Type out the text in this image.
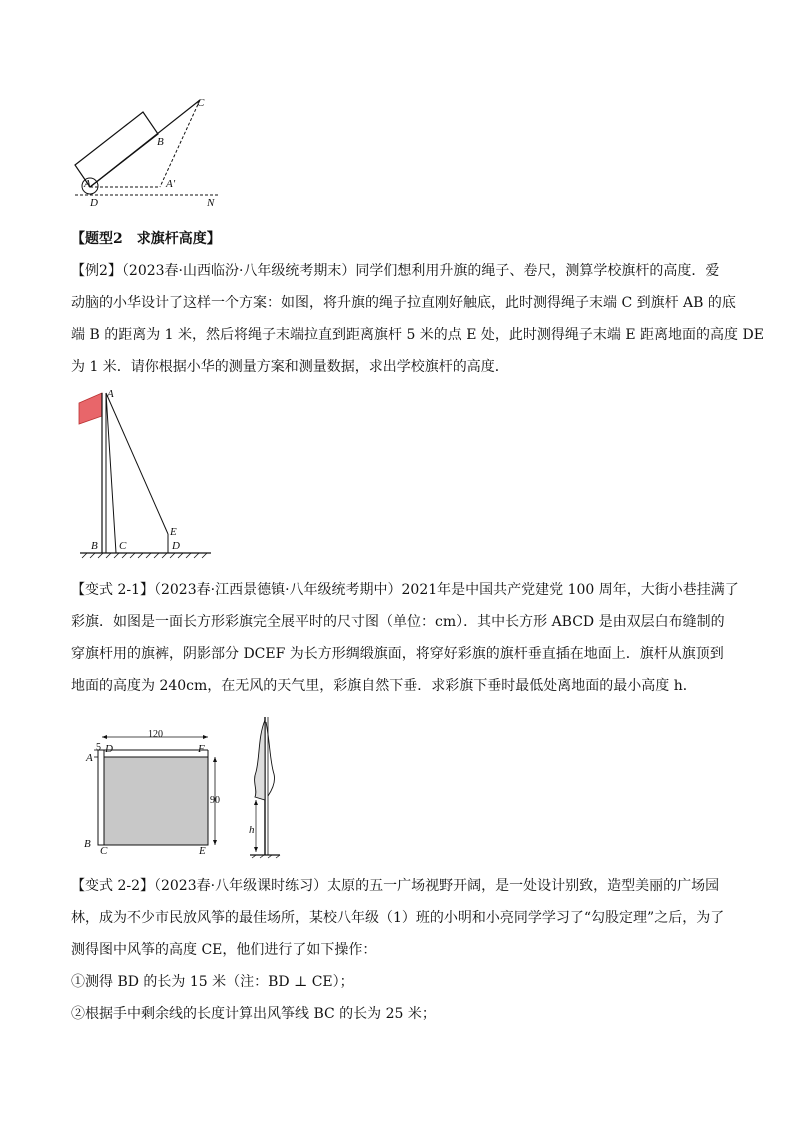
C
B
A	A′
D	N
【题型2　求旗杆高度】
【例2】（2023春·山西临汾·八年级统考期末）同学们想利用升旗的绳子、卷尺，测算学校旗杆的高度．爱
动脑的小华设计了这样一个方案：如图，将升旗的绳子拉直刚好触底，此时测得绳子末端 C 到旗杆 AB 的底
端 B 的距离为 1 米，然后将绳子末端拉直到距离旗杆 5 米的点 E 处，此时测得绳子末端 E 距离地面的高度 DE
为 1 米．请你根据小华的测量方案和测量数据，求出学校旗杆的高度．
A
E
B C	D
【变式 2-1】（2023春·江西景德镇·八年级统考期中）2021年是中国共产党建党 100 周年，大街小巷挂满了
彩旗．如图是一面长方形彩旗完全展平时的尺寸图（单位：cm）．其中长方形 ABCD 是由双层白布缝制的
穿旗杆用的旗裤，阴影部分 DCEF 为长方形绸缎旗面，将穿好彩旗的旗杆垂直插在地面上．旗杆从旗顶到
地面的高度为 240cm，在无风的天气里，彩旗自然下垂．求彩旗下垂时最低处离地面的最小高度 h．
120
90
5 D	F
A
B
C	E
h
【变式 2-2】（2023春·八年级课时练习）太原的五一广场视野开阔，是一处设计别致，造型美丽的广场园
林，成为不少市民放风筝的最佳场所，某校八年级（1）班的小明和小亮同学学习了“勾股定理”之后，为了
测得图中风筝的高度 CE，他们进行了如下操作：
①测得 BD 的长为 15 米（注：BD ⊥ CE）；
②根据手中剩余线的长度计算出风筝线 BC 的长为 25 米；
